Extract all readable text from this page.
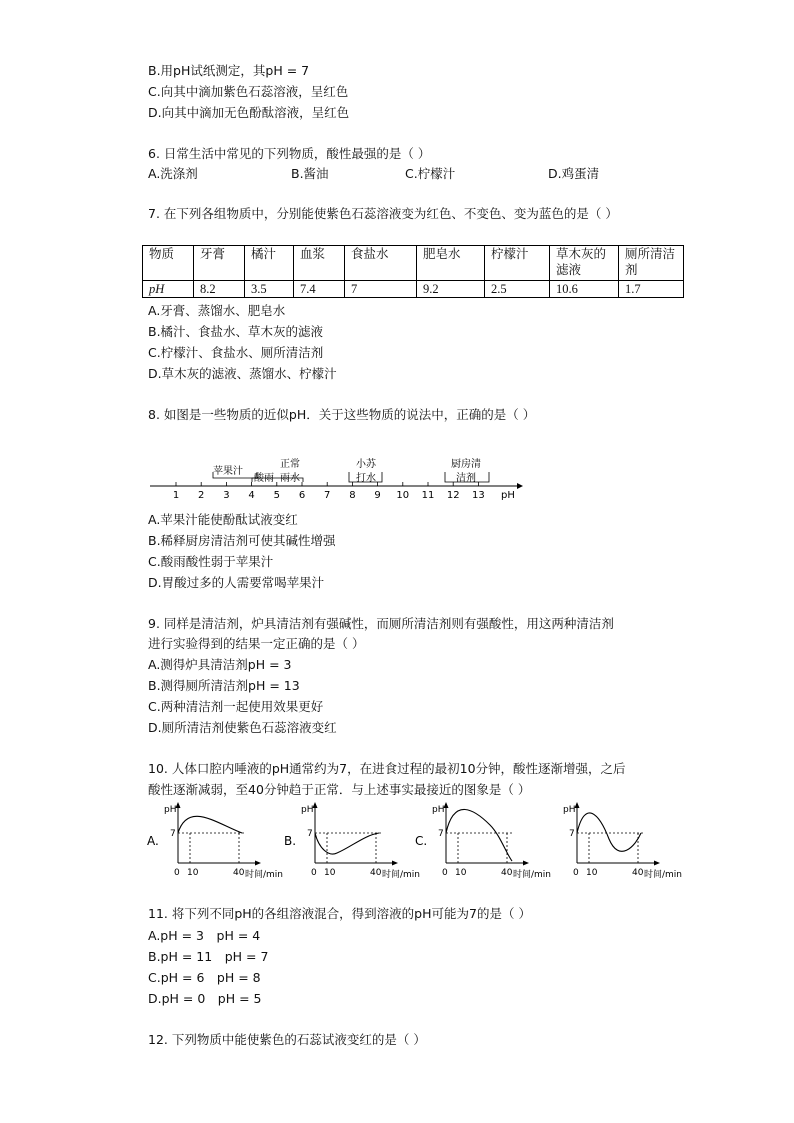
B.用pH试纸测定，其pH = 7
C.向其中滴加紫色石蕊溶液，呈红色
D.向其中滴加无色酚酞溶液，呈红色
6. 日常生活中常见的下列物质，酸性最强的是（ ）
A.洗涤剂	B.酱油	C.柠檬汁	D.鸡蛋清
7. 在下列各组物质中，分别能使紫色石蕊溶液变为红色、不变色、变为蓝色的是（ ）
物质	牙膏	橘汁	血浆	食盐水	肥皂水	柠檬汁	草木灰的滤液	厕所清洁剂
pH	8.2	3.5	7.4	7	9.2	2.5	10.6	1.7
A.牙膏、蒸馏水、肥皂水
B.橘汁、食盐水、草木灰的滤液
C.柠檬汁、食盐水、厕所清洁剂
D.草木灰的滤液、蒸馏水、柠檬汁
8. 如图是一些物质的近似pH．关于这些物质的说法中，正确的是（ ）
1 2 3 4 5 6 7 8 9 10 11 12 13
苹果汁
酸雨
正常
雨水
小苏
打水
厨房清
洁剂
pH
A.苹果汁能使酚酞试液变红
B.稀释厨房清洁剂可使其碱性增强
C.酸雨酸性弱于苹果汁
D.胃酸过多的人需要常喝苹果汁
9. 同样是清洁剂，炉具清洁剂有强碱性，而厕所清洁剂则有强酸性，用这两种清洁剂
进行实验得到的结果一定正确的是（ ）
A.测得炉具清洁剂pH = 3
B.测得厕所清洁剂pH = 13
C.两种清洁剂一起使用效果更好
D.厕所清洁剂使紫色石蕊溶液变红
10. 人体口腔内唾液的pH通常约为7，在进食过程的最初10分钟，酸性逐渐增强，之后
酸性逐渐减弱，至40分钟趋于正常．与上述事实最接近的图象是（ ）
pH
7
0 10	40 时间/min
A.
pH
7
0 10	40 时间/min
B.
pH
7
0 10	40 时间/min
C.
pH
7
0 10	40 时间/min
11. 将下列不同pH的各组溶液混合，得到溶液的pH可能为7的是（ ）
A.pH = 3　pH = 4
B.pH = 11　pH = 7
C.pH = 6　pH = 8
D.pH = 0　pH = 5
12. 下列物质中能使紫色的石蕊试液变红的是（ ）
